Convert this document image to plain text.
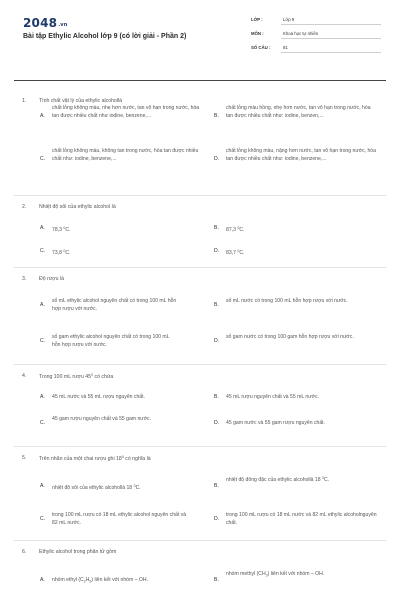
2048.vn
Bài tập Ethylic Alcohol lớp 9 (có lời giải - Phần 2)
LỚP :	Lớp 9
MÔN :	Khoa học tự nhiên
SỐ CÂU :	81
1. Tính chất vật lý của ethylic alcohollà
A.
chất lỏng không màu, nhẹ hơn nước, tan vô hạn trong nước, hòa tan được nhiều chất như iodine, benzene,...	B.
chất lỏng màu hồng, nhẹ hơn nước, tan vô hạn trong nước, hòa tan được nhiều chất như: iodine, benzen,...
C.
chất lỏng không màu, không tan trong nước, hòa tan được nhiều chất như: iodine, benzene,...	D.
chất lỏng không màu, nặng hơn nước, tan vô hạn trong nước, hòa tan được nhiều chất như: iodine, benzene,...
2. Nhiệt độ sôi của ethylic alcohol là
A. 78,3 $^0$C.	B. 87,3 $^0$C.
C. 73,8 $^0$C.	D. 83,7 $^0$C.
3. Độ rượu là
A.
số mL ethylic alcohol nguyên chất có trong 100 mL hỗn hợp rượu với nước.
B.
số mL nước có trong 100 mL hỗn hợp rượu với nước.
C.
số gam ethylic alcohol nguyên chất có trong 100 mL hỗn hợp rượu với nước.
D.
số gam nước có trong 100 gam hỗn hợp rượu với nước.
4. Trong 100 mL rượu $45^0$ có chứa
A. 45 mL nước và 55 mL rượu nguyên chất.	B. 45 mL rượu nguyên chất và 55 mL nước.
C.
45 gam rượu nguyên chất và 55 gam nước.
D. 45 gam nước và 55 gam rượu nguyên chất.
5. Trên nhãn của một chai rượu ghi $18^0$ có nghĩa là
A. nhiệt độ sôi của ethylic alcohollà 18 $^0$C.	B.
nhiệt độ đông đặc của ethylic alcohollà 18 $^0$C.
C.
trong 100 mL rượu có 18 mL ethylic alcohol nguyên chất và 82 mL nước.
D.
trong 100 mL rượu có 18 mL nước và 82 mL ethylic alcoholnguyên chất.
6. Ethylic alcohol trong phân tử gồm
A. nhóm ethyl $(C_2H_5)$ liên kết với nhóm – OH.	B.
nhóm methyl $(CH_3)$ liên kết với nhóm – OH.
